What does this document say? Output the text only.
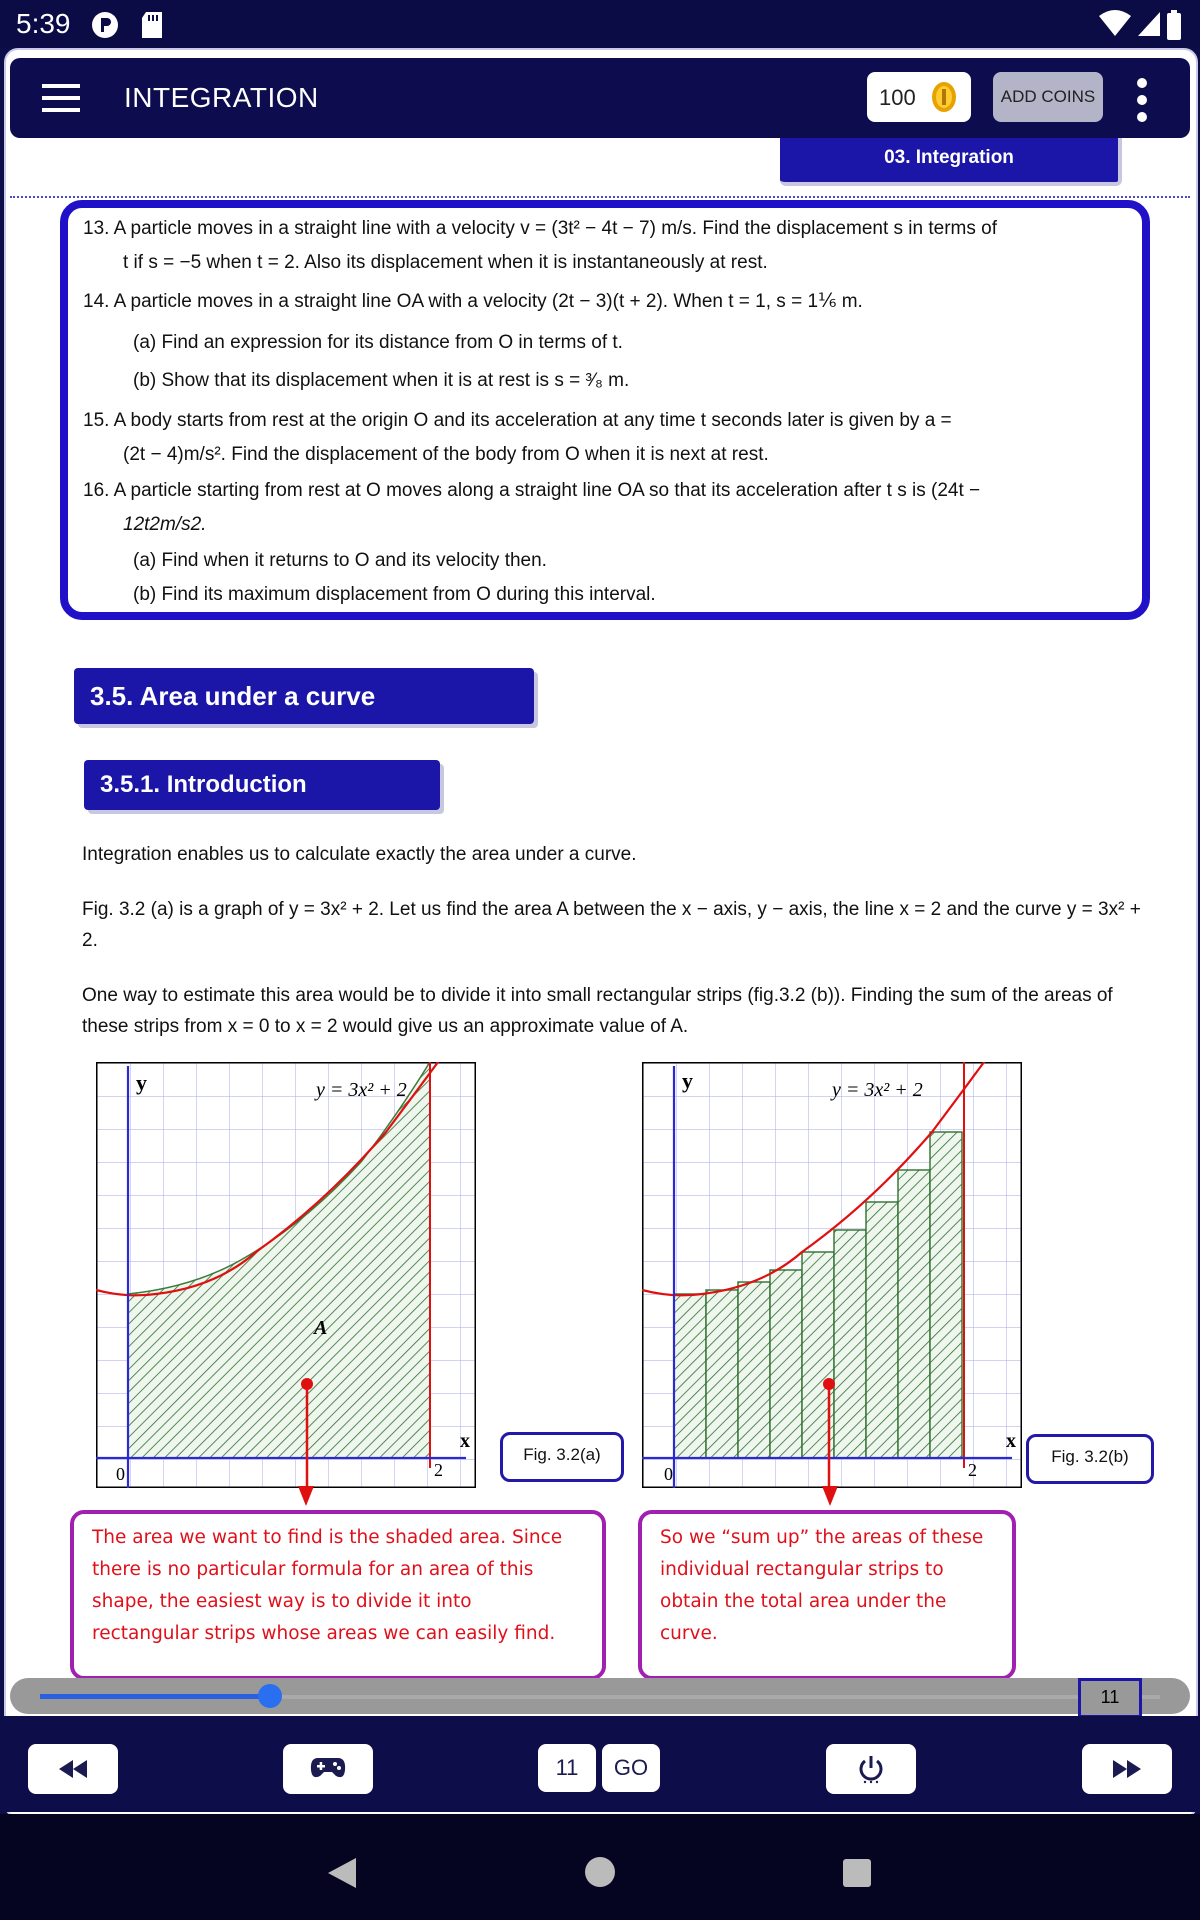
5:39
INTEGRATION	100	ADD COINS
03. Integration
13. A particle moves in a straight line with a velocity v = (3t² − 4t − 7) m/s. Find the displacement s in terms of
t if s = −5 when t = 2. Also its displacement when it is instantaneously at rest.
14. A particle moves in a straight line OA with a velocity (2t − 3)(t + 2). When t = 1, s = 1⅙ m.
(a) Find an expression for its distance from O in terms of t.
(b) Show that its displacement when it is at rest is s = ³⁄₈ m.
15. A body starts from rest at the origin O and its acceleration at any time t seconds later is given by a =
(2t − 4)m/s². Find the displacement of the body from O when it is next at rest.
16. A particle starting from rest at O moves along a straight line OA so that its acceleration after t s is (24t −
12t2m/s2.
(a) Find when it returns to O and its velocity then.
(b) Find its maximum displacement from O during this interval.
3.5. Area under a curve
3.5.1. Introduction
Integration enables us to calculate exactly the area under a curve.
Fig. 3.2 (a) is a graph of y = 3x² + 2. Let us find the area A between the x − axis, y − axis, the line x = 2 and the curve y = 3x² + 2.
One way to estimate this area would be to divide it into small rectangular strips (fig.3.2 (b)). Finding the sum of the areas of these strips from x = 0 to x = 2 would give us an approximate value of A.
y	y = 3x² + 2
A
x
0	2
Fig. 3.2(a)
y	y = 3x² + 2
x
0	2
Fig. 3.2(b)
The area we want to find is the shaded area. Since there is no particular formula for an area of this shape, the easiest way is to divide it into rectangular strips whose areas we can easily find.
So we “sum up” the areas of these individual rectangular strips to obtain the total area under the curve.
11
11	GO
